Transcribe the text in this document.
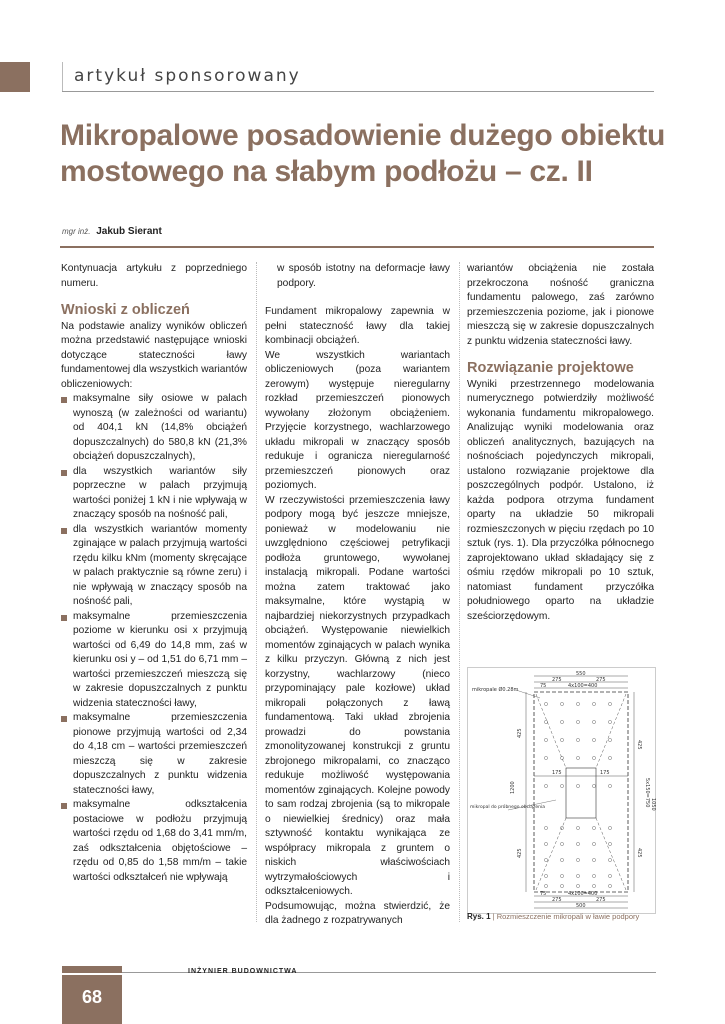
artykuł sponsorowany
Mikropalowe posadowienie dużego obiektu mostowego na słabym podłożu – cz. II
mgr inż. Jakub Sierant

Kontynuacja artykułu z poprzedniego numeru.

Wnioski z obliczeń

Na podstawie analizy wyników obliczeń można przedstawić następujące wnioski dotyczące stateczności ławy fundamentowej dla wszystkich wariantów obliczeniowych:

maksymalne siły osiowe w palach wynoszą (w zależności od wariantu) od 404,1 kN (14,8% obciążeń dopuszczalnych) do 580,8 kN (21,3% obciążeń dopuszczalnych),
dla wszystkich wariantów siły poprzeczne w palach przyjmują wartości poniżej 1 kN i nie wpływają w znaczący sposób na nośność pali,
dla wszystkich wariantów momenty zginające w palach przyjmują wartości rzędu kilku kNm (momenty skręcające w palach praktycznie są równe zeru) i nie wpływają w znaczący sposób na nośność pali,
maksymalne przemieszczenia poziome w kierunku osi x przyjmują wartości od 6,49 do 14,8 mm, zaś w kierunku osi y – od 1,51 do 6,71 mm – wartości przemieszczeń mieszczą się w zakresie dopuszczalnych z punktu widzenia stateczności ławy,
maksymalne przemieszczenia pionowe przyjmują wartości od 2,34 do 4,18 cm – wartości przemieszczeń mieszczą się w zakresie dopuszczalnych z punktu widzenia stateczności ławy,
maksymalne odkształcenia postaciowe w podłożu przyjmują wartości rzędu od 1,68 do 3,41 mm/m, zaś odkształcenia objętościowe – rzędu od 0,85 do 1,58 mm/m – takie wartości odkształceń nie wpływają

w sposób istotny na deformacje ławy podpory.

Fundament mikropalowy zapewnia w pełni stateczność ławy dla takiej kombinacji obciążeń.

We wszystkich wariantach obliczeniowych (poza wariantem zerowym) występuje nieregularny rozkład przemieszczeń pionowych wywołany złożonym obciążeniem. Przyjęcie korzystnego, wachlarzowego układu mikropali w znaczący sposób redukuje i ogranicza nieregularność przemieszczeń pionowych oraz poziomych.

W rzeczywistości przemieszczenia ławy podpory mogą być jeszcze mniejsze, ponieważ w modelowaniu nie uwzględniono częściowej petryfikacji podłoża gruntowego, wywołanej instalacją mikropali. Podane wartości można zatem traktować jako maksymalne, które wystąpią w najbardziej niekorzystnych przypadkach obciążeń. Występowanie niewielkich momentów zginających w palach wynika z kilku przyczyn. Główną z nich jest korzystny, wachlarzowy (nieco przypominający pale kozłowe) układ mikropali połączonych z ławą fundamentową. Taki układ zbrojenia prowadzi do powstania zmonolityzowanej konstrukcji z gruntu zbrojonego mikropalami, co znacząco redukuje możliwość występowania momentów zginających. Kolejne powody to sam rodzaj zbrojenia (są to mikropale o niewielkiej średnicy) oraz mała sztywność kontaktu wynikająca ze współpracy mikropala z gruntem o niskich właściwościach wytrzymałościowych i odkształceniowych.

Podsumowując, można stwierdzić, że dla żadnego z rozpatrywanych

wariantów obciążenia nie została przekroczona nośność graniczna fundamentu palowego, zaś zarówno przemieszczenia poziome, jak i pionowe mieszczą się w zakresie dopuszczalnych z punktu widzenia stateczności ławy.

Rozwiązanie projektowe

Wyniki przestrzennego modelowania numerycznego potwierdziły możliwość wykonania fundamentu mikropalowego. Analizując wyniki modelowania oraz obliczeń analitycznych, bazujących na nośnościach pojedynczych mikropali, ustalono rozwiązanie projektowe dla poszczególnych podpór. Ustalono, iż każda podpora otrzyma fundament oparty na układzie 50 mikropali rozmieszczonych w pięciu rzędach po 10 sztuk (rys. 1). Dla przyczółka północnego zaprojektowano układ składający się z ośmiu rzędów mikropali po 10 sztuk, natomiast fundament przyczółka południowego oparto na układzie sześciorzędowym.

550
275	275
75	4x100=400
mikropale Ø0.28m
175	175
425
425
1200
425
425
5x150=750 1050
mikropal do próbnego obciążenia
75	4x100=400
275	275
500
Rys. 1 | Rozmieszczenie mikropali w ławie podpory
INŻYNIER BUDOWNICTWA
68
